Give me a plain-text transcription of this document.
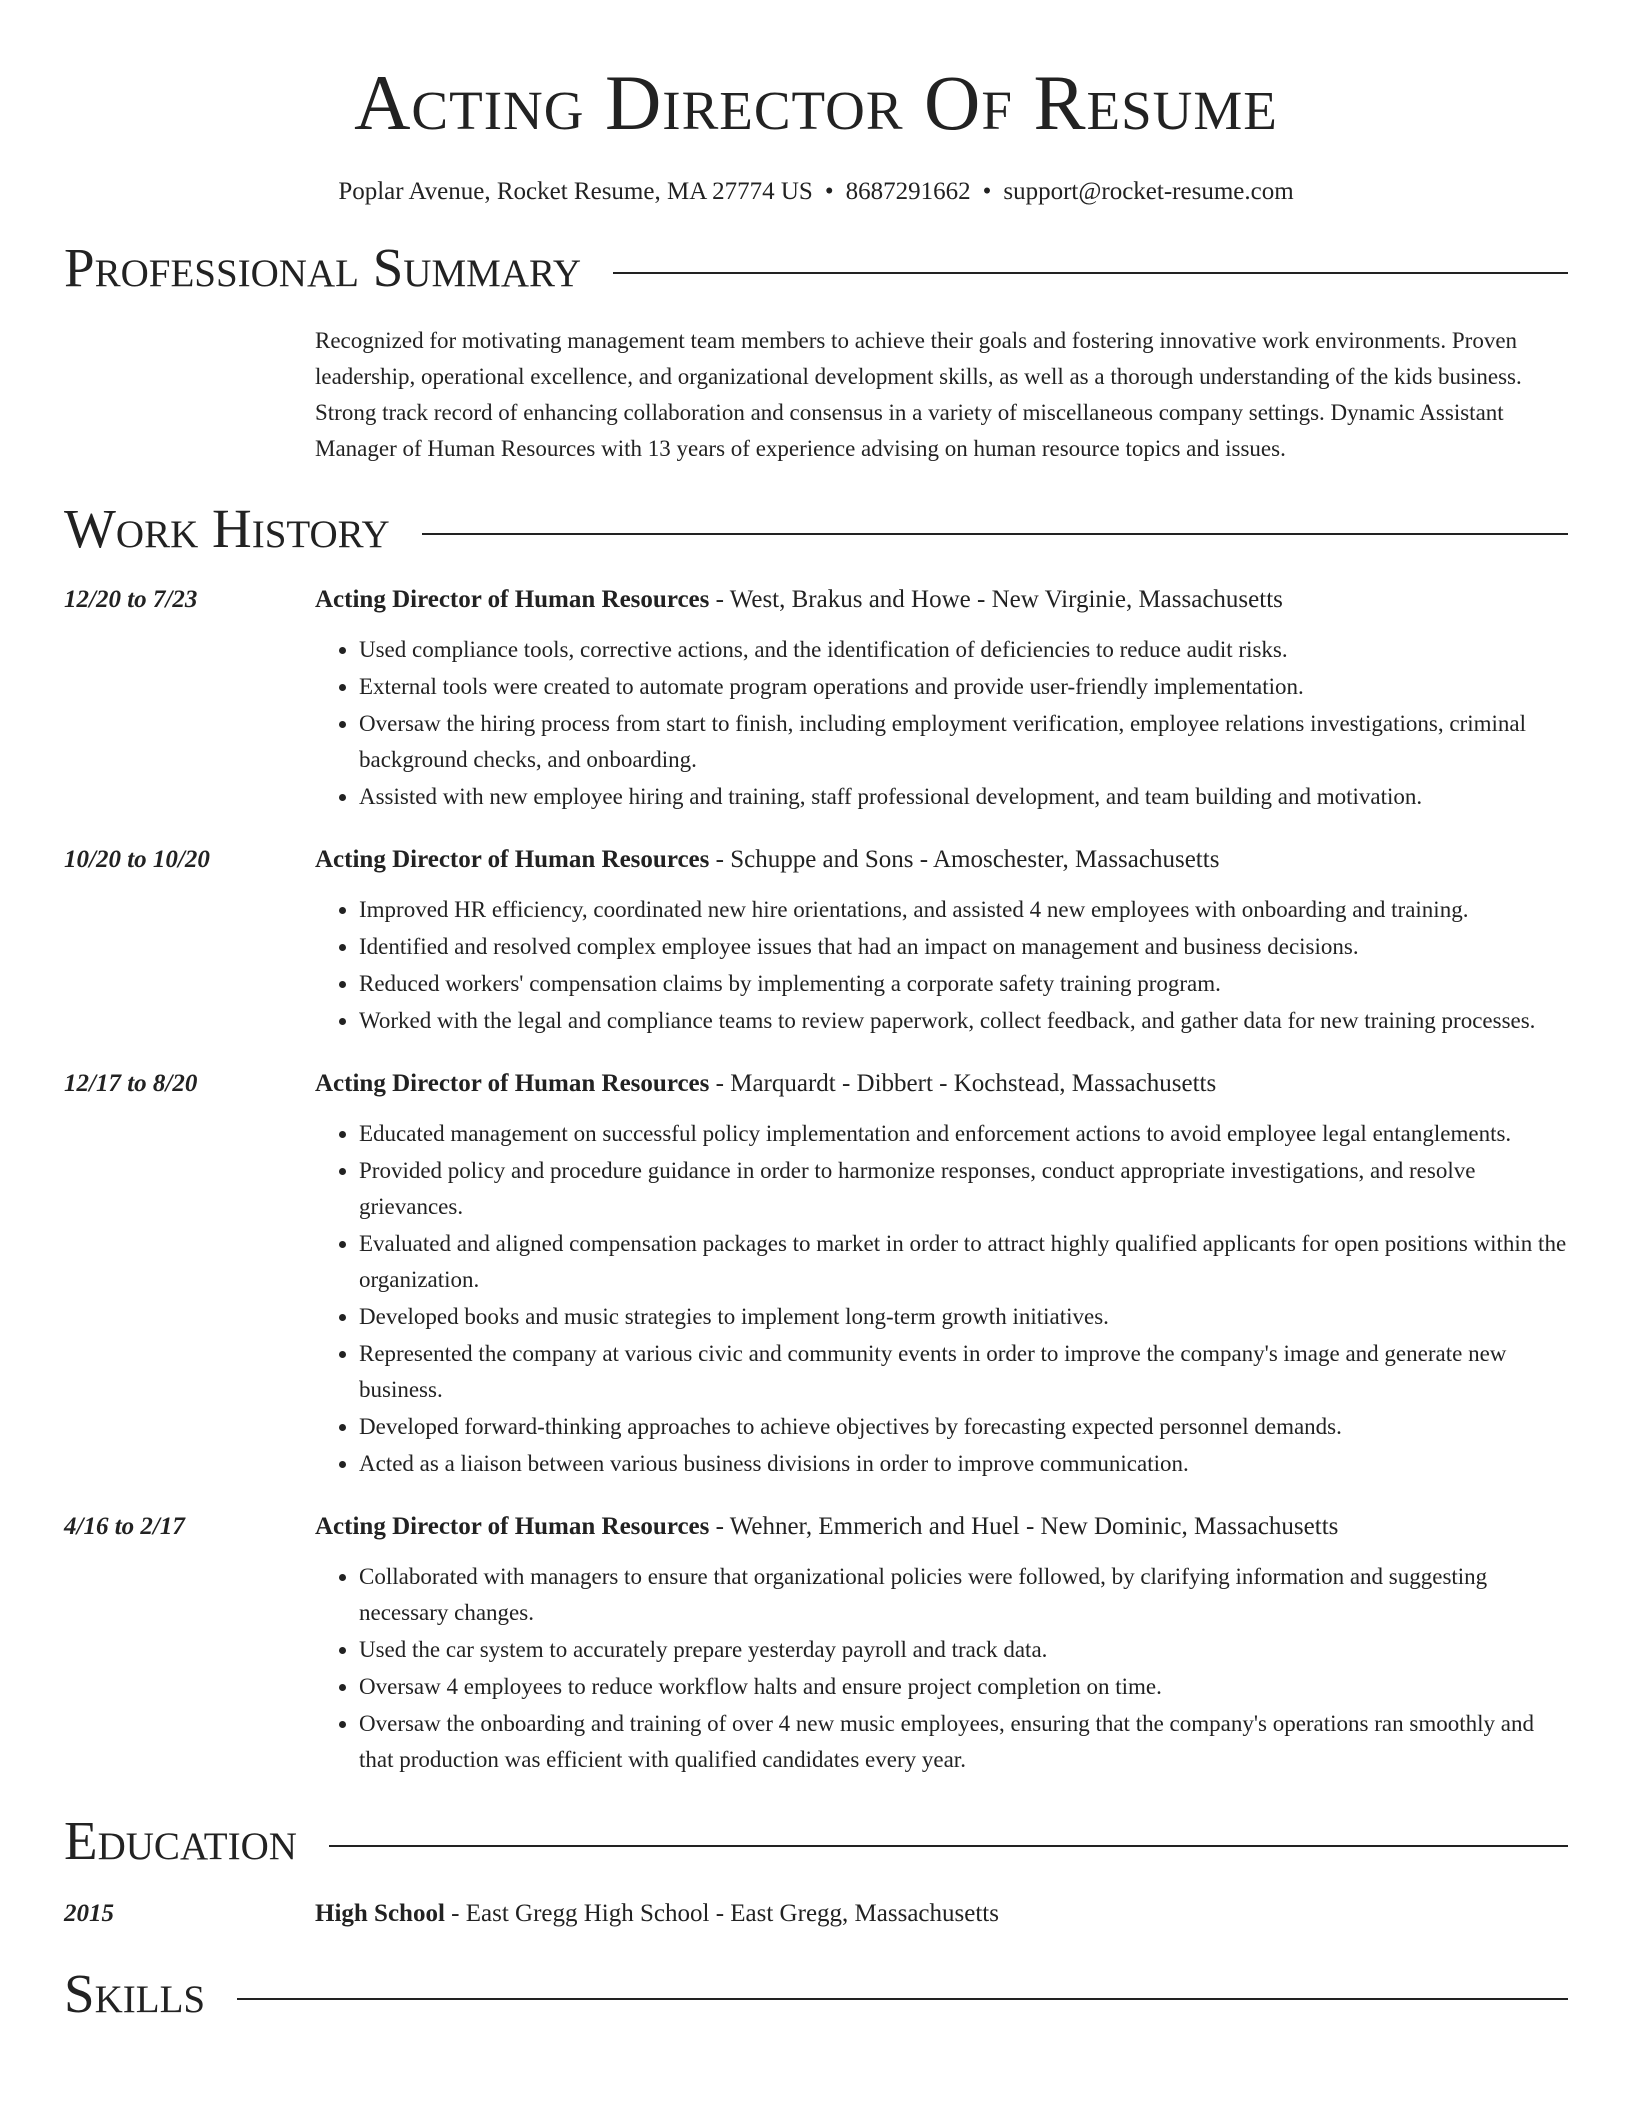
Acting Director Of Resume
Poplar Avenue, Rocket Resume, MA 27774 US • 8687291662 • support@rocket-resume.com
Professional Summary
Recognized for motivating management team members to achieve their goals and fostering innovative work environments. Proven leadership, operational excellence, and organizational development skills, as well as a thorough understanding of the kids business. Strong track record of enhancing collaboration and consensus in a variety of miscellaneous company settings. Dynamic Assistant Manager of Human Resources with 13 years of experience advising on human resource topics and issues.
Work History
12/20 to 7/23	Acting Director of Human Resources - West, Brakus and Howe - New Virginie, Massachusetts
• Used compliance tools, corrective actions, and the identification of deficiencies to reduce audit risks.
• External tools were created to automate program operations and provide user-friendly implementation.
• Oversaw the hiring process from start to finish, including employment verification, employee relations investigations, criminal background checks, and onboarding.
• Assisted with new employee hiring and training, staff professional development, and team building and motivation.
10/20 to 10/20	Acting Director of Human Resources - Schuppe and Sons - Amoschester, Massachusetts
• Improved HR efficiency, coordinated new hire orientations, and assisted 4 new employees with onboarding and training.
• Identified and resolved complex employee issues that had an impact on management and business decisions.
• Reduced workers' compensation claims by implementing a corporate safety training program.
• Worked with the legal and compliance teams to review paperwork, collect feedback, and gather data for new training processes.
12/17 to 8/20	Acting Director of Human Resources - Marquardt - Dibbert - Kochstead, Massachusetts
• Educated management on successful policy implementation and enforcement actions to avoid employee legal entanglements.
• Provided policy and procedure guidance in order to harmonize responses, conduct appropriate investigations, and resolve grievances.
• Evaluated and aligned compensation packages to market in order to attract highly qualified applicants for open positions within the organization.
• Developed books and music strategies to implement long-term growth initiatives.
• Represented the company at various civic and community events in order to improve the company's image and generate new business.
• Developed forward-thinking approaches to achieve objectives by forecasting expected personnel demands.
• Acted as a liaison between various business divisions in order to improve communication.
4/16 to 2/17	Acting Director of Human Resources - Wehner, Emmerich and Huel - New Dominic, Massachusetts
• Collaborated with managers to ensure that organizational policies were followed, by clarifying information and suggesting necessary changes.
• Used the car system to accurately prepare yesterday payroll and track data.
• Oversaw 4 employees to reduce workflow halts and ensure project completion on time.
• Oversaw the onboarding and training of over 4 new music employees, ensuring that the company's operations ran smoothly and that production was efficient with qualified candidates every year.
Education
2015	High School - East Gregg High School - East Gregg, Massachusetts
Skills
